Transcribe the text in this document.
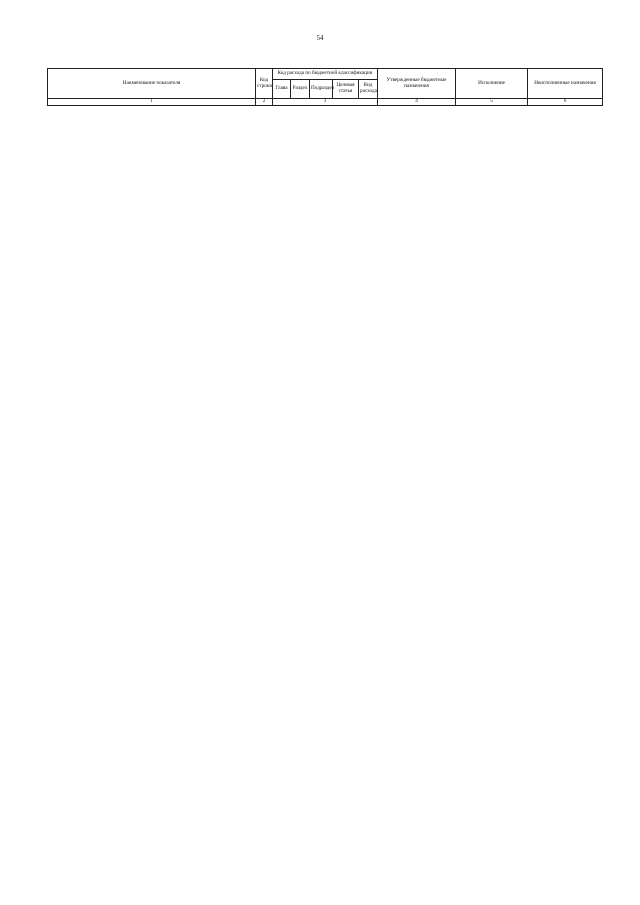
54
Наименование показателя	Код строки	Код расхода по бюджетной классификации					Утвержденные бюджетные назначения	Исполнение	Неисполненные назначения
		Глава	Раздел	Подраздел	Целевая статья	Вид расхода			
1	2	3					4	5	6
